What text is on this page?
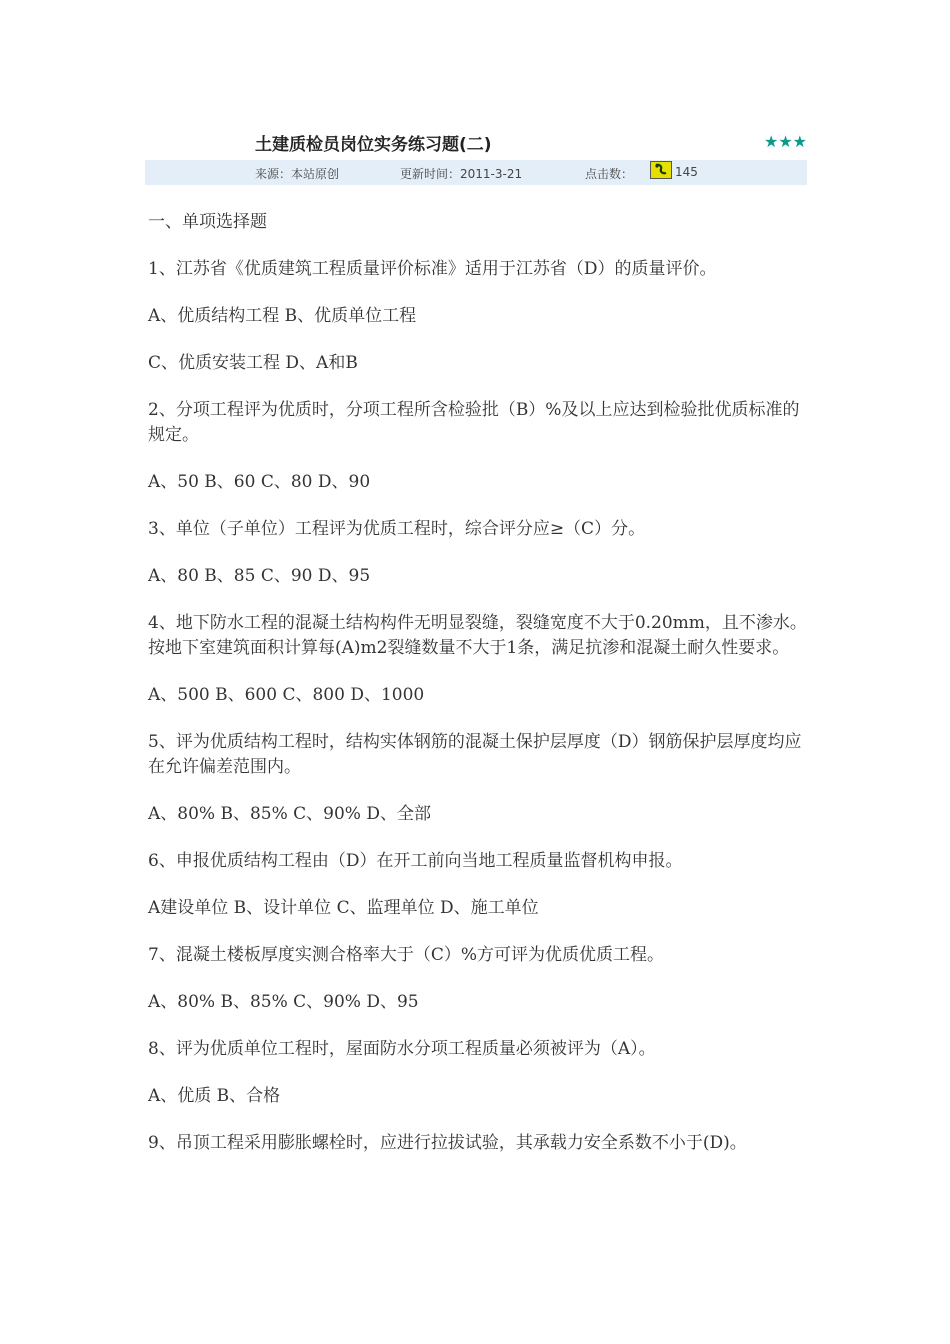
土建质检员岗位实务练习题(二)	★★★
来源：本站原创	更新时间：2011-3-21	点击数：	145

一、单项选择题

1、江苏省《优质建筑工程质量评价标准》适用于江苏省（D）的质量评价。

A、优质结构工程 B、优质单位工程

C、优质安装工程 D、A和B

2、分项工程评为优质时，分项工程所含检验批（B）%及以上应达到检验批优质标准的规定。

A、50 B、60 C、80 D、90

3、单位（子单位）工程评为优质工程时，综合评分应≥（C）分。

A、80 B、85 C、90 D、95

4、地下防水工程的混凝土结构构件无明显裂缝，裂缝宽度不大于0.20mm，且不渗水。按地下室建筑面积计算每(A)m2裂缝数量不大于1条，满足抗渗和混凝土耐久性要求。

A、500 B、600 C、800 D、1000

5、评为优质结构工程时，结构实体钢筋的混凝土保护层厚度（D）钢筋保护层厚度均应在允许偏差范围内。

A、80% B、85% C、90% D、全部

6、申报优质结构工程由（D）在开工前向当地工程质量监督机构申报。

A建设单位 B、设计单位 C、监理单位 D、施工单位

7、混凝土楼板厚度实测合格率大于（C）%方可评为优质优质工程。

A、80% B、85% C、90% D、95

8、评为优质单位工程时，屋面防水分项工程质量必须被评为（A）。

A、优质 B、合格

9、吊顶工程采用膨胀螺栓时，应进行拉拔试验，其承载力安全系数不小于(D)。
